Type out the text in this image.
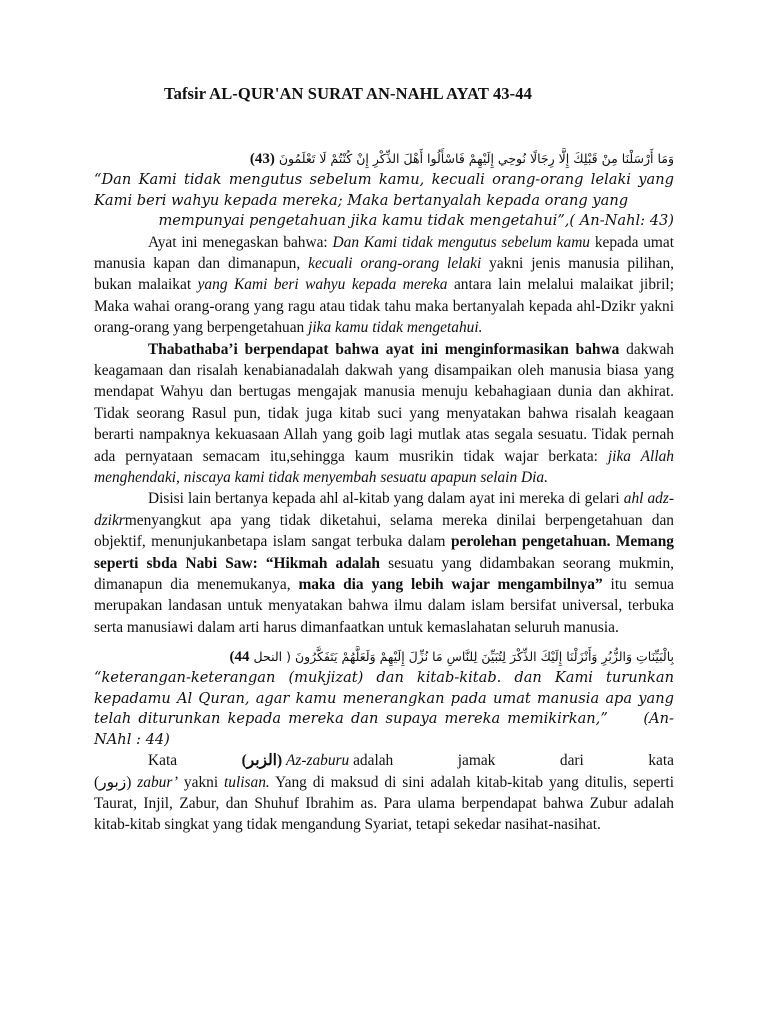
Tafsir AL-QUR'AN SURAT AN-NAHL AYAT 43-44

وَمَا أَرْسَلْنَا مِنْ قَبْلِكَ إِلَّا رِجَالًا نُوحِي إِلَيْهِمْ فَاسْأَلُوا أَهْلَ الذِّكْرِ إِنْ كُنْتُمْ لَا تَعْلَمُونَ (43)

“Dan Kami tidak mengutus sebelum kamu, kecuali orang-orang lelaki yang Kami beri wahyu kepada mereka; Maka bertanyalah kepada orang yang
mempunyai pengetahuan jika kamu tidak mengetahui”,( An-Nahl: 43)

Ayat ini menegaskan bahwa: Dan Kami tidak mengutus sebelum kamu kepada umat manusia kapan dan dimanapun, kecuali orang-orang lelaki yakni jenis manusia pilihan, bukan malaikat yang Kami beri wahyu kepada mereka antara lain melalui malaikat jibril; Maka wahai orang-orang yang ragu atau tidak tahu maka bertanyalah kepada ahl-Dzikr yakni orang-orang yang berpengetahuan jika kamu tidak mengetahui.

Thabathaba’i berpendapat bahwa ayat ini menginformasikan bahwa dakwah keagamaan dan risalah kenabianadalah dakwah yang disampaikan oleh manusia biasa yang mendapat Wahyu dan bertugas mengajak manusia menuju kebahagiaan dunia dan akhirat. Tidak seorang Rasul pun, tidak juga kitab suci yang menyatakan bahwa risalah keagaan berarti nampaknya kekuasaan Allah yang goib lagi mutlak atas segala sesuatu. Tidak pernah ada pernyataan semacam itu,sehingga kaum musrikin tidak wajar berkata: jika Allah menghendaki, niscaya kami tidak menyembah sesuatu apapun selain Dia.

Disisi lain bertanya kepada ahl al-kitab yang dalam ayat ini mereka di gelari ahl adz-dzikrmenyangkut apa yang tidak diketahui, selama mereka dinilai berpengetahuan dan objektif, menunjukanbetapa islam sangat terbuka dalam perolehan pengetahuan. Memang seperti sbda Nabi Saw: “Hikmah adalah sesuatu yang didambakan seorang mukmin, dimanapun dia menemukanya, maka dia yang lebih wajar mengambilnya” itu semua merupakan landasan untuk menyatakan bahwa ilmu dalam islam bersifat universal, terbuka serta manusiawi dalam arti harus dimanfaatkan untuk kemaslahatan seluruh manusia.

بِالْبَيِّنَاتِ وَالزُّبُرِ وَأَنْزَلْنَا إِلَيْكَ الذِّكْرَ لِتُبَيِّنَ لِلنَّاسِ مَا نُزِّلَ إِلَيْهِمْ وَلَعَلَّهُمْ يَتَفَكَّرُونَ ( النحل 44)

“keterangan-keterangan (mukjizat) dan kitab-kitab. dan Kami turunkan kepadamu Al Quran, agar kamu menerangkan pada umat manusia apa yang telah diturunkan kepada mereka dan supaya mereka memikirkan,” (An-NAhl : 44)

Kata	(الزبر) Az-zaburu adalah	jamak	dari	kata

(زبور) zabur’ yakni tulisan. Yang di maksud di sini adalah kitab-kitab yang ditulis, seperti Taurat, Injil, Zabur, dan Shuhuf Ibrahim as. Para ulama berpendapat bahwa Zubur adalah kitab-kitab singkat yang tidak mengandung Syariat, tetapi sekedar nasihat-nasihat.
